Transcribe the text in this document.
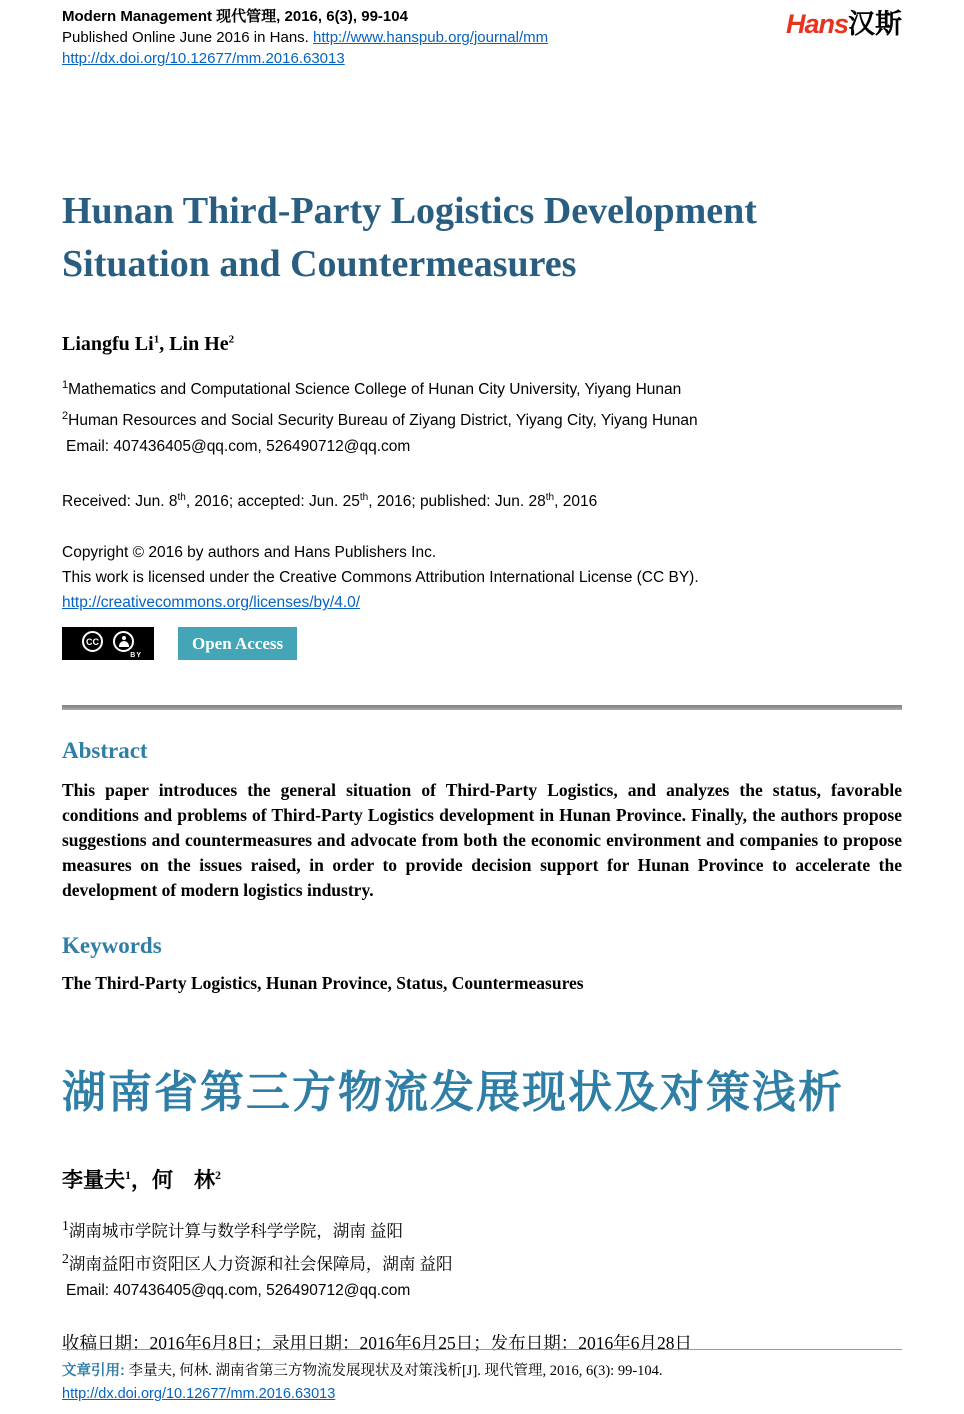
Modern Management 现代管理, 2016, 6(3), 99-104
Published Online June 2016 in Hans. http://www.hanspub.org/journal/mm
http://dx.doi.org/10.12677/mm.2016.63013
Hans汉斯
Hunan Third-Party Logistics Development
Situation and Countermeasures
Liangfu Li$^1$, Lin He$^2$
$^1$Mathematics and Computational Science College of Hunan City University, Yiyang Hunan
$^2$Human Resources and Social Security Bureau of Ziyang District, Yiyang City, Yiyang Hunan
Email: 407436405@qq.com, 526490712@qq.com
Received: Jun. 8th, 2016; accepted: Jun. 25th, 2016; published: Jun. 28th, 2016
Copyright © 2016 by authors and Hans Publishers Inc.
This work is licensed under the Creative Commons Attribution International License (CC BY).
http://creativecommons.org/licenses/by/4.0/
CC
BY
Open Access
Abstract
This paper introduces the general situation of Third-Party Logistics, and analyzes the status, favorable conditions and problems of Third-Party Logistics development in Hunan Province. Finally, the authors propose suggestions and countermeasures and advocate from both the economic environment and companies to propose measures on the issues raised, in order to provide decision support for Hunan Province to accelerate the development of modern logistics industry.
Keywords
The Third-Party Logistics, Hunan Province, Status, Countermeasures
湖南省第三方物流发展现状及对策浅析
李量夫$^1$，何　林$^2$
$^1$湖南城市学院计算与数学科学学院，湖南 益阳
$^2$湖南益阳市资阳区人力资源和社会保障局，湖南 益阳
Email: 407436405@qq.com, 526490712@qq.com
收稿日期：2016年6月8日；录用日期：2016年6月25日；发布日期：2016年6月28日
文章引用: 李量夫, 何林. 湖南省第三方物流发展现状及对策浅析[J]. 现代管理, 2016, 6(3): 99-104.
http://dx.doi.org/10.12677/mm.2016.63013
